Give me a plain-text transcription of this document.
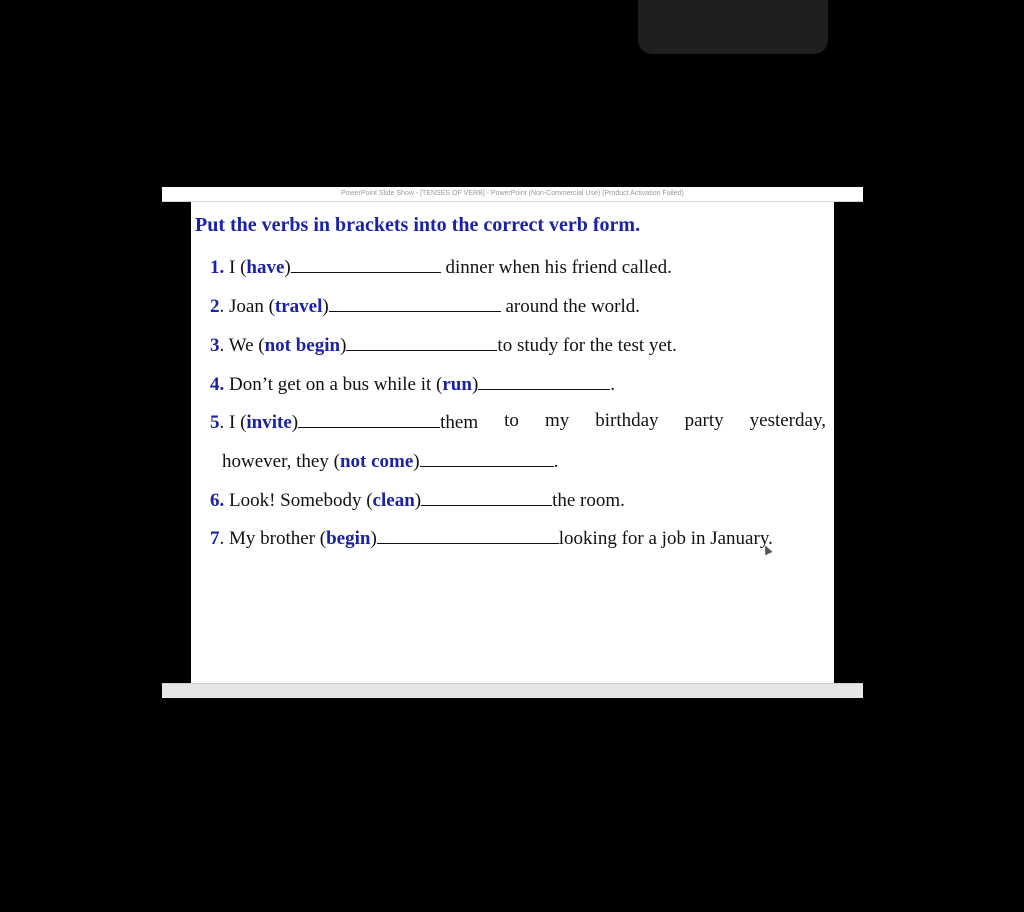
PowerPoint Slide Show - [TENSES OF VERB] - PowerPoint (Non-Commercial Use) (Product Activation Failed)
Put the verbs in brackets into the correct verb form.
1. I (have)	dinner when his friend called.
2. Joan (travel)	around the world.
3. We (not begin)	to study for the test yet.
4. Don’t get on a bus while it (run)	.
5. I (invite)	them to my birthday party yesterday,
however, they (not come)	.
6. Look! Somebody (clean)	the room.
7. My brother (begin)	looking for a job in January.
